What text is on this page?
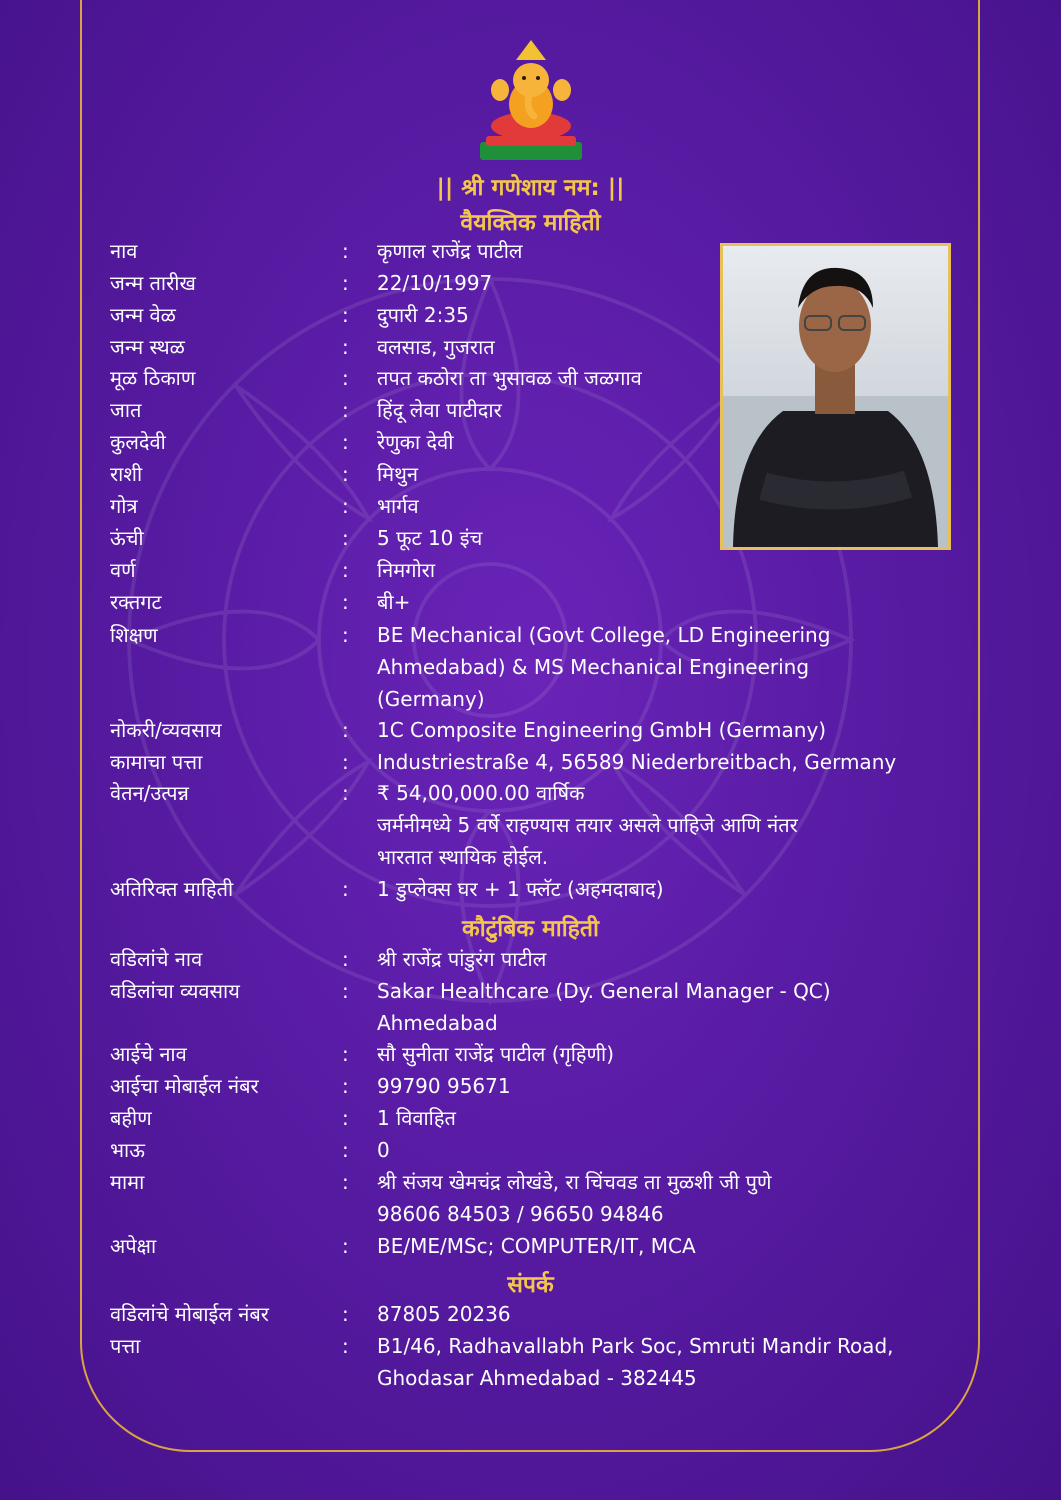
|| श्री गणेशाय नम: ||
वैयक्तिक माहिती
नाव	: कृणाल राजेंद्र पाटील
जन्म तारीख	: 22/10/1997
जन्म वेळ	: दुपारी 2:35
जन्म स्थळ	: वलसाड, गुजरात
मूळ ठिकाण	: तपत कठोरा ता भुसावळ जी जळगाव
जात	: हिंदू लेवा पाटीदार
कुलदेवी	: रेणुका देवी
राशी	: मिथुन
गोत्र	: भार्गव
ऊंची	: 5 फूट 10 इंच
वर्ण	: निमगोरा
रक्तगट	: बी+
शिक्षण	: BE Mechanical (Govt College, LD Engineering
Ahmedabad) & MS Mechanical Engineering
(Germany)
नोकरी/व्यवसाय	: 1C Composite Engineering GmbH (Germany)
कामाचा पत्ता	: Industriestraße 4, 56589 Niederbreitbach, Germany
वेतन/उत्पन्न	: ₹ 54,00,000.00 वार्षिक
जर्मनीमध्ये 5 वर्षे राहण्यास तयार असले पाहिजे आणि नंतर
भारतात स्थायिक होईल.
अतिरिक्त माहिती	: 1 डुप्लेक्स घर + 1 फ्लॅट (अहमदाबाद)
कौटुंबिक माहिती
वडिलांचे नाव	: श्री राजेंद्र पांडुरंग पाटील
वडिलांचा व्यवसाय	: Sakar Healthcare (Dy. General Manager - QC)
Ahmedabad
आईचे नाव	: सौ सुनीता राजेंद्र पाटील (गृहिणी)
आईचा मोबाईल नंबर	: 99790 95671
बहीण	: 1 विवाहित
भाऊ	: 0
मामा	: श्री संजय खेमचंद्र लोखंडे, रा चिंचवड ता मुळशी जी पुणे
98606 84503 / 96650 94846
अपेक्षा	: BE/ME/MSc; COMPUTER/IT, MCA
संपर्क
वडिलांचे मोबाईल नंबर	: 87805 20236
पत्ता	: B1/46, Radhavallabh Park Soc, Smruti Mandir Road,
Ghodasar Ahmedabad - 382445
